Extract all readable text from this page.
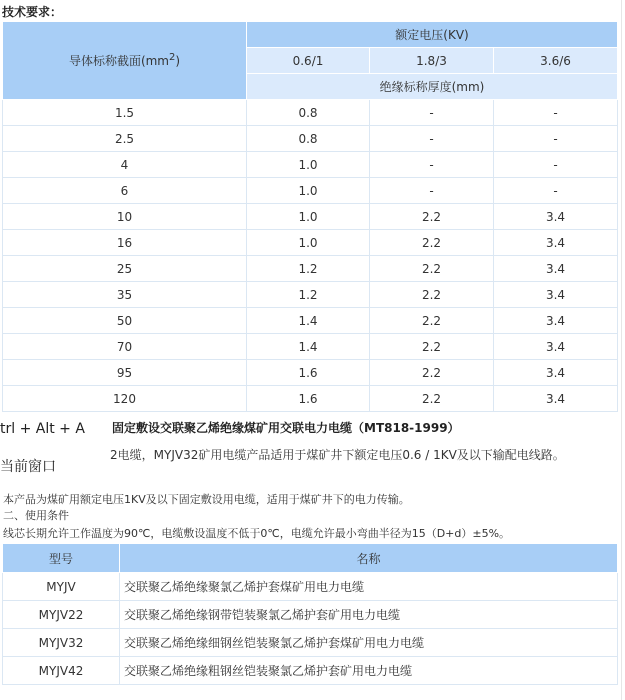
技术要求：
导体标称截面$(mm^2)$	额定电压(KV)		
	0.6/1	1.8/3	3.6/6
	绝缘标称厚度(mm)		
1.5	0.8	-	-
2.5	0.8	-	-
4	1.0	-	-
6	1.0	-	-
10	1.0	2.2	3.4
16	1.0	2.2	3.4
25	1.2	2.2	3.4
35	1.2	2.2	3.4
50	1.4	2.2	3.4
70	1.4	2.2	3.4
95	1.6	2.2	3.4
120	1.6	2.2	3.4
trl + Alt + A
当前窗口
固定敷设交联聚乙烯绝缘煤矿用交联电力电缆（MT818-1999）
2电缆，MYJV32矿用电缆产品适用于煤矿井下额定电压0.6 / 1KV及以下输配电线路。
本产品为煤矿用额定电压1KV及以下固定敷设用电缆，适用于煤矿井下的电力传输。
二、使用条件
线芯长期允许工作温度为90℃，电缆敷设温度不低于0℃，电缆允许最小弯曲半径为15（D+d）±5%。
型号	名称
MYJV	交联聚乙烯绝缘聚氯乙烯护套煤矿用电力电缆
MYJV22	交联聚乙烯绝缘钢带铠装聚氯乙烯护套矿用电力电缆
MYJV32	交联聚乙烯绝缘细钢丝铠装聚氯乙烯护套煤矿用电力电缆
MYJV42	交联聚乙烯绝缘粗钢丝铠装聚氯乙烯护套矿用电力电缆
